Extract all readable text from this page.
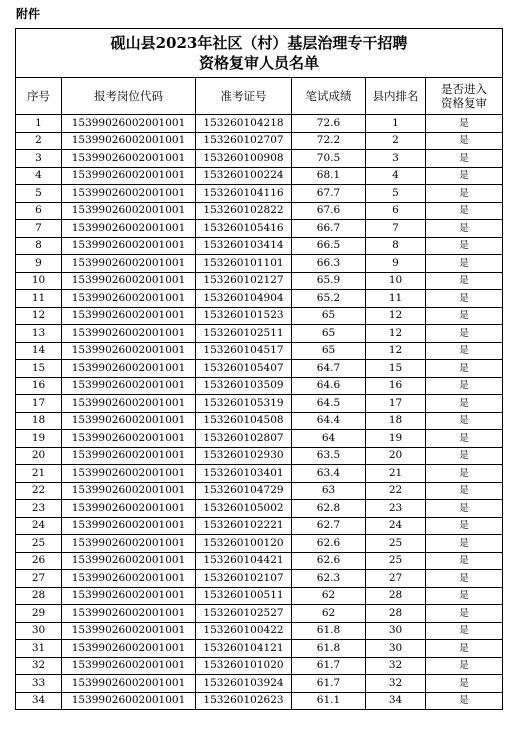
附件
砚山县2023年社区（村）基层治理专干招聘
资格复审人员名单					

序号	报考岗位代码	准考证号	笔试成绩	县内排名	是否进入
资格复审

1	15399026002001001	153260104218	72.6	1	是
2	15399026002001001	153260102707	72.2	2	是
3	15399026002001001	153260100908	70.5	3	是
4	15399026002001001	153260100224	68.1	4	是
5	15399026002001001	153260104116	67.7	5	是
6	15399026002001001	153260102822	67.6	6	是
7	15399026002001001	153260105416	66.7	7	是
8	15399026002001001	153260103414	66.5	8	是
9	15399026002001001	153260101101	66.3	9	是
10	15399026002001001	153260102127	65.9	10	是
11	15399026002001001	153260104904	65.2	11	是
12	15399026002001001	153260101523	65	12	是
13	15399026002001001	153260102511	65	12	是
14	15399026002001001	153260104517	65	12	是
15	15399026002001001	153260105407	64.7	15	是
16	15399026002001001	153260103509	64.6	16	是
17	15399026002001001	153260105319	64.5	17	是
18	15399026002001001	153260104508	64.4	18	是
19	15399026002001001	153260102807	64	19	是
20	15399026002001001	153260102930	63.5	20	是
21	15399026002001001	153260103401	63.4	21	是
22	15399026002001001	153260104729	63	22	是
23	15399026002001001	153260105002	62.8	23	是
24	15399026002001001	153260102221	62.7	24	是
25	15399026002001001	153260100120	62.6	25	是
26	15399026002001001	153260104421	62.6	25	是
27	15399026002001001	153260102107	62.3	27	是
28	15399026002001001	153260100511	62	28	是
29	15399026002001001	153260102527	62	28	是
30	15399026002001001	153260100422	61.8	30	是
31	15399026002001001	153260104121	61.8	30	是
32	15399026002001001	153260101020	61.7	32	是
33	15399026002001001	153260103924	61.7	32	是
34	15399026002001001	153260102623	61.1	34	是
